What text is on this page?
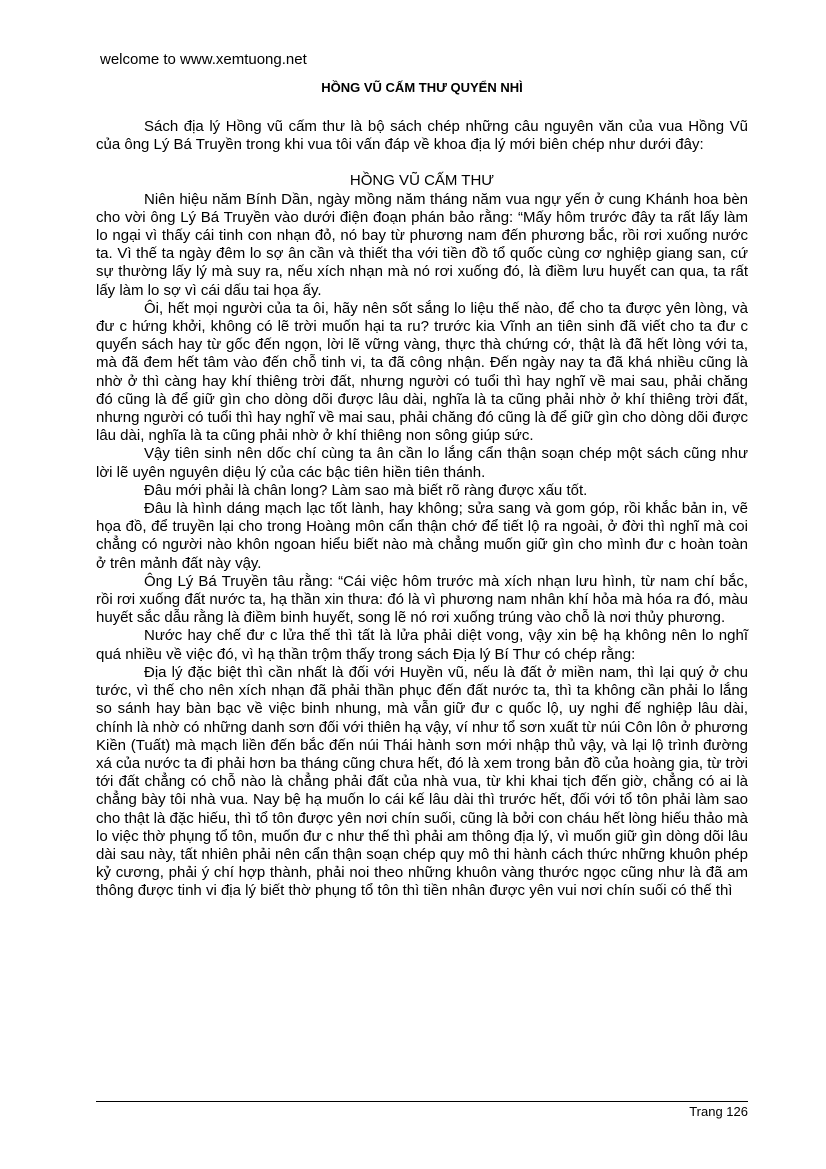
welcome to www.xemtuong.net
HỒNG VŨ CẤM THƯ QUYỂN NHÌ

Sách địa lý Hồng vũ cấm thư là bộ sách chép những câu nguyên văn của vua Hồng Vũ của ông Lý Bá Truyền trong khi vua tôi vấn đáp về khoa địa lý mới biên chép như dưới đây:

HỒNG VŨ CẤM THƯ

Niên hiệu năm Bính Dần, ngày mồng năm tháng năm vua ngự yến ở cung Khánh hoa bèn cho vời ông Lý Bá Truyền vào dưới điện đoạn phán bảo rằng: “Mấy hôm trước đây ta rất lấy làm lo ngại vì thấy cái tinh con nhạn đỏ, nó bay từ phương nam đến phương bắc, rồi rơi xuống nước ta. Vì thế ta ngày đêm lo sợ ân cần và thiết tha với tiền đồ tổ quốc cùng cơ nghiệp giang san, cứ sự thường lấy lý mà suy ra, nếu xích nhạn mà nó rơi xuống đó, là điềm lưu huyết can qua, ta rất lấy làm lo sợ vì cái dấu tai họa ấy.

Ôi, hết mọi người của ta ôi, hãy nên sốt sắng lo liệu thế nào, để cho ta được yên lòng, và đư c hứng khởi, không có lẽ trời muốn hại ta ru? trước kia Vĩnh an tiên sinh đã viết cho ta đư c quyển sách hay từ gốc đến ngọn, lời lẽ vững vàng, thực thà chứng cớ, thật là đã hết lòng với ta, mà đã đem hết tâm vào đến chỗ tinh vi, ta đã công nhận. Đến ngày nay ta đã khá nhiều cũng là nhờ ở thì càng hay khí thiêng trời đất, nhưng người có tuổi thì hay nghĩ về mai sau, phải chăng đó cũng là để giữ gìn cho dòng dõi được lâu dài, nghĩa là ta cũng phải nhờ ở khí thiêng trời đất, nhưng người có tuổi thì hay nghĩ về mai sau, phải chăng đó cũng là để giữ gìn cho dòng dõi được lâu dài, nghĩa là ta cũng phải nhờ ở khí thiêng non sông giúp sức.

Vậy tiên sinh nên dốc chí cùng ta ân cần lo lắng cẩn thận soạn chép một sách cũng như lời lẽ uyên nguyên diệu lý của các bậc tiên hiền tiên thánh.

Đâu mới phải là chân long? Làm sao mà biết rõ ràng được xấu tốt.

Đâu là hình dáng mạch lạc tốt lành, hay không; sửa sang và gom góp, rồi khắc bản in, vẽ họa đồ, để truyền lại cho trong Hoàng môn cẩn thận chớ để tiết lộ ra ngoài, ở đời thì nghĩ mà coi chẳng có người nào khôn ngoan hiểu biết nào mà chẳng muốn giữ gìn cho mình đư c hoàn toàn ở trên mảnh đất này vậy.

Ông Lý Bá Truyền tâu rằng: “Cái việc hôm trước mà xích nhạn lưu hình, từ nam chí bắc, rồi rơi xuống đất nước ta, hạ thần xin thưa: đó là vì phương nam nhân khí hỏa mà hóa ra đó, màu huyết sắc dẫu rằng là điềm binh huyết, song lẽ nó rơi xuống trúng vào chỗ là nơi thủy phương.

Nước hay chế đư c lửa thế thì tất là lửa phải diệt vong, vậy xin bệ hạ không nên lo nghĩ quá nhiều về việc đó, vì hạ thần trộm thấy trong sách Địa lý Bí Thư có chép rằng:

Địa lý đặc biệt thì cần nhất là đối với Huyền vũ, nếu là đất ở miền nam, thì lại quý ở chu tước, vì thế cho nên xích nhạn đã phải thần phục đến đất nước ta, thì ta không cần phải lo lắng so sánh hay bàn bạc về việc binh nhung, mà vẫn giữ đư c quốc lộ, uy nghi đế nghiệp lâu dài, chính là nhờ có những danh sơn đối với thiên hạ vậy, ví như tổ sơn xuất từ núi Côn lôn ở phương Kiền (Tuất) mà mạch liền đến bắc đến núi Thái hành sơn mới nhập thủ vậy, và lại lộ trình đường xá của nước ta đi phải hơn ba tháng cũng chưa hết, đó là xem trong bản đồ của hoàng gia, từ trời tới đất chẳng có chỗ nào là chẳng phải đất của nhà vua, từ khi khai tịch đến giờ, chẳng có ai là chẳng bày tôi nhà vua. Nay bệ hạ muốn lo cái kế lâu dài thì trước hết, đối với tổ tôn phải làm sao cho thật là đặc hiếu, thì tổ tôn được yên nơi chín suối, cũng là bởi con cháu hết lòng hiếu thảo mà lo việc thờ phụng tổ tôn, muốn đư c như thế thì phải am thông địa lý, vì muốn giữ gìn dòng dõi lâu dài sau này, tất nhiên phải nên cẩn thận soạn chép quy mô thi hành cách thức những khuôn phép kỷ cương, phải ý chí hợp thành, phải noi theo những khuôn vàng thước ngọc cũng như là đã am thông được tinh vi địa lý biết thờ phụng tổ tôn thì tiền nhân được yên vui nơi chín suối có thế thì

Trang 126
